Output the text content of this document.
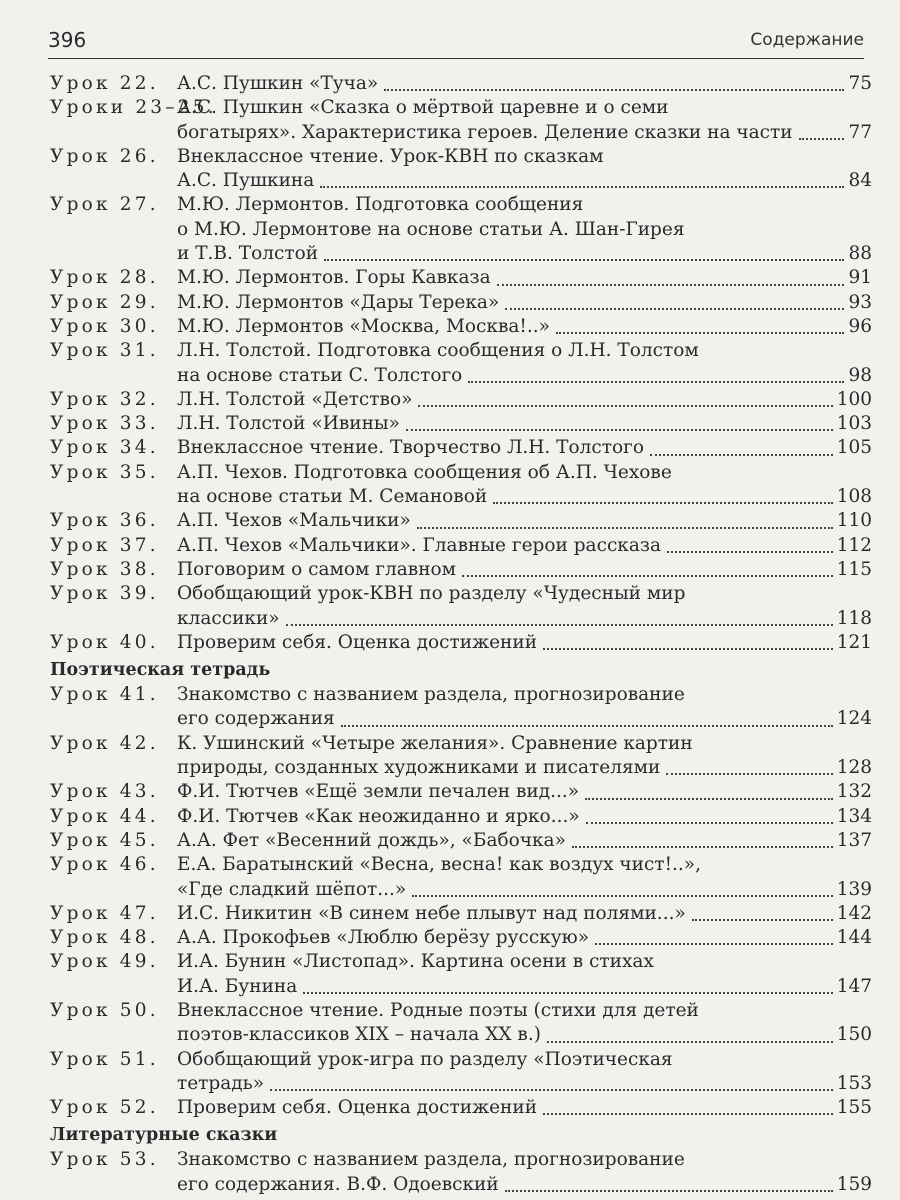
396	Содержание
Урок 22. А.С. Пушкин «Туча»	75
Уроки 23–25.
А.С. Пушкин «Сказка о мёртвой царевне и о семи
богатырях». Характеристика героев. Деление сказки на части	77
Урок 26. Внеклассное чтение. Урок-КВН по сказкам
А.С. Пушкина	84
Урок 27. М.Ю. Лермонтов. Подготовка сообщения
о М.Ю. Лермонтове на основе статьи А. Шан-Гирея
и Т.В. Толстой	88
Урок 28. М.Ю. Лермонтов. Горы Кавказа	91
Урок 29. М.Ю. Лермонтов «Дары Терека»	93
Урок 30. М.Ю. Лермонтов «Москва, Москва!..»	96
Урок 31. Л.Н. Толстой. Подготовка сообщения о Л.Н. Толстом
на основе статьи С. Толстого	98
Урок 32. Л.Н. Толстой «Детство»	100
Урок 33. Л.Н. Толстой «Ивины»	103
Урок 34. Внеклассное чтение. Творчество Л.Н. Толстого	105
Урок 35. А.П. Чехов. Подготовка сообщения об А.П. Чехове
на основе статьи М. Семановой	108
Урок 36. А.П. Чехов «Мальчики»	110
Урок 37. А.П. Чехов «Мальчики». Главные герои рассказа	112
Урок 38. Поговорим о самом главном	115
Урок 39. Обобщающий урок-КВН по разделу «Чудесный мир
классики»	118
Урок 40. Проверим себя. Оценка достижений	121
Поэтическая тетрадь
Урок 41. Знакомство с названием раздела, прогнозирование
его содержания	124
Урок 42. К. Ушинский «Четыре желания». Сравнение картин
природы, созданных художниками и писателями	128
Урок 43. Ф.И. Тютчев «Ещё земли печален вид...»	132
Урок 44. Ф.И. Тютчев «Как неожиданно и ярко...»	134
Урок 45. А.А. Фет «Весенний дождь», «Бабочка»	137
Урок 46. Е.А. Баратынский «Весна, весна! как воздух чист!..»,
«Где сладкий шёпот...»	139
Урок 47. И.С. Никитин «В синем небе плывут над полями...»	142
Урок 48. А.А. Прокофьев «Люблю берёзу русскую»	144
Урок 49. И.А. Бунин «Листопад». Картина осени в стихах
И.А. Бунина	147
Урок 50. Внеклассное чтение. Родные поэты (стихи для детей
поэтов-классиков XIX – начала XX в.)	150
Урок 51. Обобщающий урок-игра по разделу «Поэтическая
тетрадь»	153
Урок 52. Проверим себя. Оценка достижений	155
Литературные сказки
Урок 53. Знакомство с названием раздела, прогнозирование
его содержания. В.Ф. Одоевский	159
